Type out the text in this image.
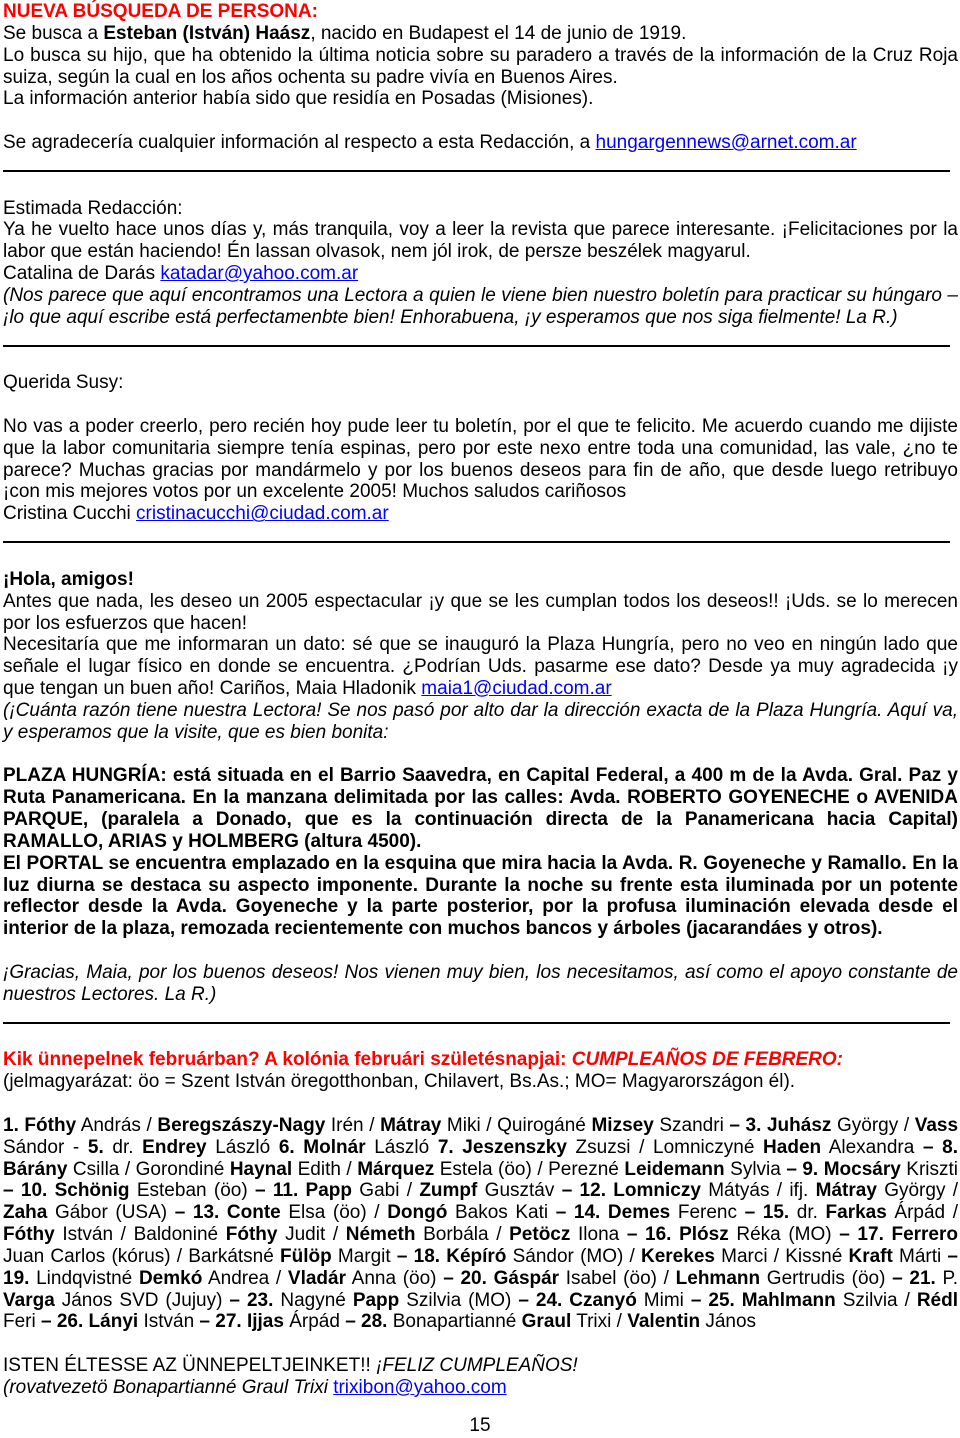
NUEVA BÚSQUEDA DE PERSONA:

Se busca a Esteban (István) Haász, nacido en Budapest el 14 de junio de 1919.

Lo busca su hijo, que ha obtenido la última noticia sobre su paradero a través de la información de la Cruz Roja suiza, según la cual en los años ochenta su padre vivía en Buenos Aires.

La información anterior había sido que residía en Posadas (Misiones).

Se agradecería cualquier información al respecto a esta Redacción, a hungargennews@arnet.com.ar

Estimada Redacción:

Ya he vuelto hace unos días y, más tranquila, voy a leer la revista que parece interesante. ¡Felicitaciones por la labor que están haciendo! Én lassan olvasok, nem jól irok, de persze beszélek magyarul.

Catalina de Darás katadar@yahoo.com.ar

(Nos parece que aquí encontramos una Lectora a quien le viene bien nuestro boletín para practicar su húngaro – ¡lo que aquí escribe está perfectamenbte bien! Enhorabuena, ¡y esperamos que nos siga fielmente! La R.)

Querida Susy:

No vas a poder creerlo, pero recién hoy pude leer tu boletín, por el que te felicito. Me acuerdo cuando me dijiste que la labor comunitaria siempre tenía espinas, pero por este nexo entre toda una comunidad, las vale, ¿no te parece? Muchas gracias por mandármelo y por los buenos deseos para fin de año, que desde luego retribuyo ¡con mis mejores votos por un excelente 2005! Muchos saludos cariñosos

Cristina Cucchi cristinacucchi@ciudad.com.ar

¡Hola, amigos!

Antes que nada, les deseo un 2005 espectacular ¡y que se les cumplan todos los deseos!! ¡Uds. se lo merecen por los esfuerzos que hacen!

Necesitaría que me informaran un dato: sé que se inauguró la Plaza Hungría, pero no veo en ningún lado que señale el lugar físico en donde se encuentra. ¿Podrían Uds. pasarme ese dato? Desde ya muy agradecida ¡y que tengan un buen año! Cariños, Maia Hladonik maia1@ciudad.com.ar

(¡Cuánta razón tiene nuestra Lectora! Se nos pasó por alto dar la dirección exacta de la Plaza Hungría. Aquí va, y esperamos que la visite, que es bien bonita:

PLAZA HUNGRÍA: está situada en el Barrio Saavedra, en Capital Federal, a 400 m de la Avda. Gral. Paz y Ruta Panamericana. En la manzana delimitada por las calles: Avda. ROBERTO GOYENECHE o AVENIDA PARQUE, (paralela a Donado, que es la continuación directa de la Panamericana hacia Capital) RAMALLO, ARIAS y HOLMBERG (altura 4500).

El PORTAL se encuentra emplazado en la esquina que mira hacia la Avda. R. Goyeneche y Ramallo. En la luz diurna se destaca su aspecto imponente. Durante la noche su frente esta iluminada por un potente reflector desde la Avda. Goyeneche y la parte posterior, por la profusa iluminación elevada desde el interior de la plaza, remozada recientemente con muchos bancos y árboles (jacarandáes y otros).

¡Gracias, Maia, por los buenos deseos! Nos vienen muy bien, los necesitamos, así como el apoyo constante de nuestros Lectores. La R.)

Kik ünnepelnek februárban? A kolónia februári születésnapjai: CUMPLEAÑOS DE FEBRERO:

(jelmagyarázat: öo = Szent István öregotthonban, Chilavert, Bs.As.; MO= Magyarországon él).

1. Fóthy András / Beregszászy-Nagy Irén / Mátray Miki / Quirogáné Mizsey Szandri – 3. Juhász György / Vass Sándor - 5. dr. Endrey László 6. Molnár László 7. Jeszenszky Zsuzsi / Lomniczyné Haden Alexandra – 8. Bárány Csilla / Gorondiné Haynal Edith / Márquez Estela (öo) / Perezné Leidemann Sylvia – 9. Mocsáry Kriszti – 10. Schönig Esteban (öo) – 11. Papp Gabi / Zumpf Gusztáv – 12. Lomniczy Mátyás / ifj. Mátray György / Zaha Gábor (USA) – 13. Conte Elsa (öo) / Dongó Bakos Kati – 14. Demes Ferenc – 15. dr. Farkas Árpád / Fóthy István / Baldoniné Fóthy Judit / Németh Borbála / Petöcz Ilona – 16. Plósz Réka (MO) – 17. Ferrero Juan Carlos (kórus) / Barkátsné Fülöp Margit – 18. Képíró Sándor (MO) / Kerekes Marci / Kissné Kraft Márti – 19. Lindqvistné Demkó Andrea / Vladár Anna (öo) – 20. Gáspár Isabel (öo) / Lehmann Gertrudis (öo) – 21. P. Varga János SVD (Jujuy) – 23. Nagyné Papp Szilvia (MO) – 24. Czanyó Mimi – 25. Mahlmann Szilvia / Rédl Feri – 26. Lányi István – 27. Ijjas Árpád – 28. Bonapartianné Graul Trixi / Valentin János

ISTEN ÉLTESSE AZ ÜNNEPELTJEINKET!! ¡FELIZ CUMPLEAÑOS!

(rovatvezetö Bonapartianné Graul Trixi trixibon@yahoo.com

15
